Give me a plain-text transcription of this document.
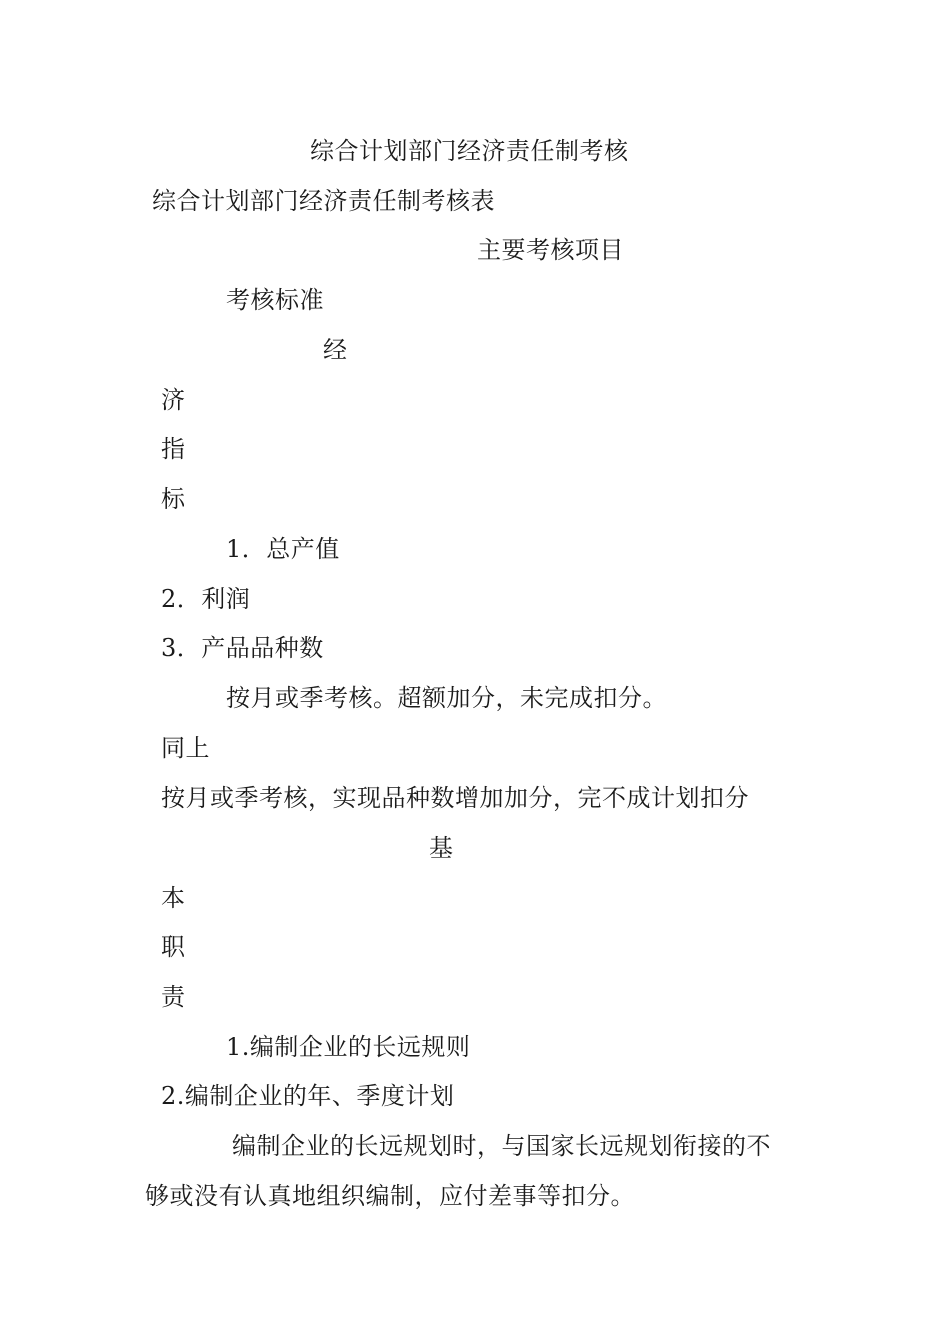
综合计划部门经济责任制考核
综合计划部门经济责任制考核表
主要考核项目
考核标准
经
济
指
标
1．总产值
2．利润
3．产品品种数
按月或季考核。超额加分，未完成扣分。
同上
按月或季考核，实现品种数增加加分，完不成计划扣分
基
本
职
责
1.编制企业的长远规则
2.编制企业的年、季度计划
编制企业的长远规划时，与国家长远规划衔接的不
够或没有认真地组织编制，应付差事等扣分。
